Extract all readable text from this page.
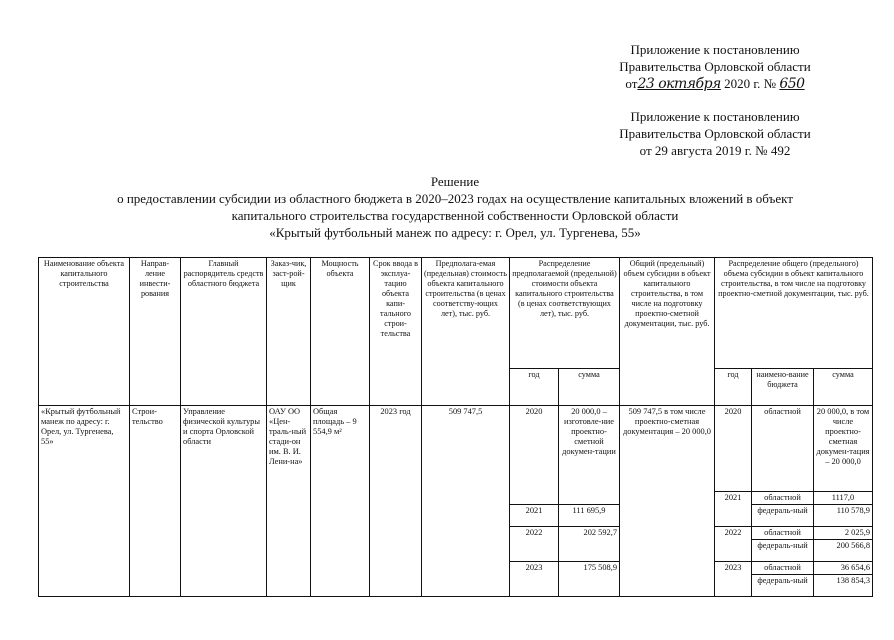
Приложение к постановлению
Правительства Орловской области
от23 октября 2020 г. № 650
Приложение к постановлению
Правительства Орловской области
от 29 августа 2019 г. № 492
Решение
о предоставлении субсидии из областного бюджета в 2020–2023 годах на осуществление капитальных вложений в объект
капитального строительства государственной собственности Орловской области
«Крытый футбольный манеж по адресу: г. Орел, ул. Тургенева, 55»
Наименование объекта капитального строительства	Направ-ление инвести-рования	Главный распорядитель средств областного бюджета	Заказ-чик, заст-рой-щик	Мощность объекта	Срок ввода в эксплуа-тацию объекта капи-тального строи-тельства	Предполага-емая (предельная) стоимость объекта капитального строительства (в ценах соответству-ющих лет), тыс. руб.	Распределение предполагаемой (предельной) стоимости объекта капитального строительства (в ценах соответствующих лет), тыс. руб.		Общий (предельный) объем субсидии в объект капитального строительства, в том числе на подготовку проектно-сметной документации, тыс. руб.	Распределение общего (предельного) объема субсидии в объект капитального строительства, в том числе на подготовку проектно-сметной документации, тыс. руб.		
							год	сумма		год	наимено-вание бюджета	сумма
«Крытый футбольный манеж по адресу: г. Орел, ул. Тургенева, 55»	Строи-тельство	Управление физической культуры и спорта Орловской области	ОАУ ОО «Цен-траль-ный стади-он им. В. И. Лени-на»	Общая площадь – 9 554,9 м²	2023 год	509 747,5	2020	20 000,0 – изготовле-ние проектно-сметной докумен-тации	509 747,5 в том числе проектно-сметная документация – 20 000,0	2020	областной	20 000,0, в том числе проектно-сметная докумен-тация – 20 000,0
										2021	областной	1117,0
							2021	111 695,9			федераль-ный	110 578,9
							2022	202 592,7		2022	областной	2 025,9
											федераль-ный	200 566,8
							2023	175 508,9		2023	областной	36 654,6
											федераль-ный	138 854,3
